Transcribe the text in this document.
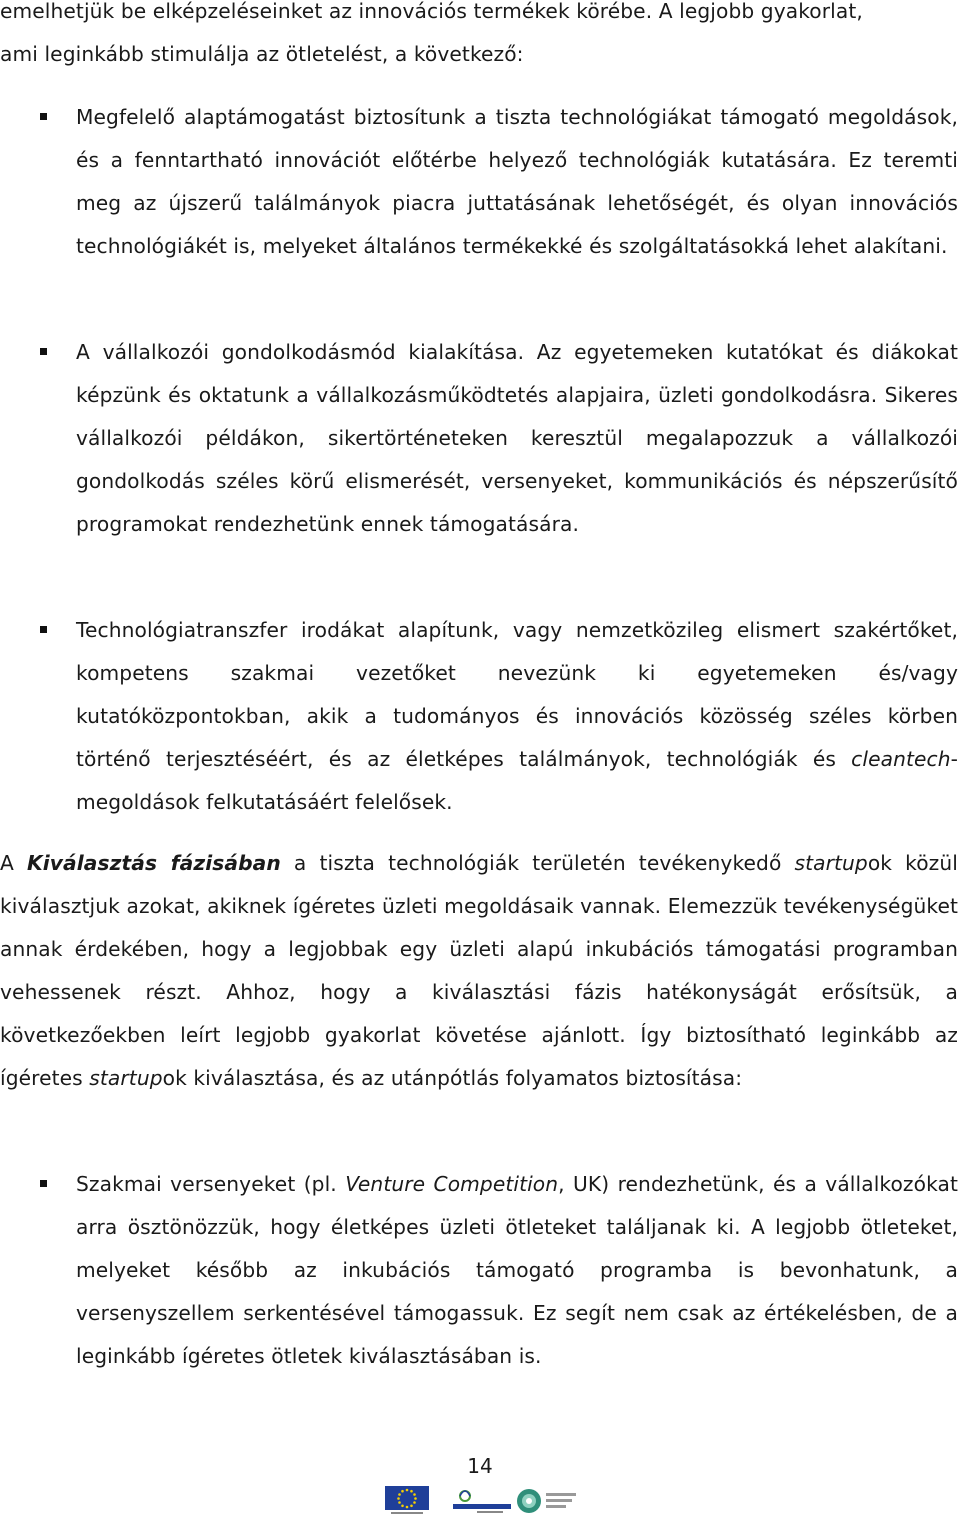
emelhetjük be elképzeléseinket az innovációs termékek körébe. A legjobb gyakorlat,

ami leginkább stimulálja az ötletelést, a következő:

Megfelelő alaptámogatást biztosítunk a tiszta technológiákat támogató megoldások, és a fenntartható innovációt előtérbe helyező technológiák kutatására. Ez teremti meg az újszerű találmányok piacra juttatásának lehetőségét, és olyan innovációs technológiákét is, melyeket általános termékekké és szolgáltatásokká lehet alakítani.

A vállalkozói gondolkodásmód kialakítása. Az egyetemeken kutatókat és diákokat képzünk és oktatunk a vállalkozásműködtetés alapjaira, üzleti gondolkodásra. Sikeres vállalkozói példákon, sikertörténeteken keresztül megalapozzuk a vállalkozói gondolkodás széles körű elismerését, versenyeket, kommunikációs és népszerűsítő programokat rendezhetünk ennek támogatására.

Technológiatranszfer irodákat alapítunk, vagy nemzetközileg elismert szakértőket, kompetens szakmai vezetőket nevezünk ki egyetemeken és/vagy kutatóközpontokban, akik a tudományos és innovációs közösség széles körben történő terjesztéséért, és az életképes találmányok, technológiák és cleantech-megoldások felkutatásáért felelősek.

A Kiválasztás fázisában a tiszta technológiák területén tevékenykedő startupok közül kiválasztjuk azokat, akiknek ígéretes üzleti megoldásaik vannak. Elemezzük tevékenységüket annak érdekében, hogy a legjobbak egy üzleti alapú inkubációs támogatási programban vehessenek részt. Ahhoz, hogy a kiválasztási fázis hatékonyságát erősítsük, a következőekben leírt legjobb gyakorlat követése ajánlott. Így biztosítható leginkább az ígéretes startupok kiválasztása, és az utánpótlás folyamatos biztosítása:

Szakmai versenyeket (pl. Venture Competition, UK) rendezhetünk, és a vállalkozókat arra ösztönözzük, hogy életképes üzleti ötleteket találjanak ki. A legjobb ötleteket, melyeket később az inkubációs támogató programba is bevonhatunk, a versenyszellem serkentésével támogassuk. Ez segít nem csak az értékelésben, de a leginkább ígéretes ötletek kiválasztásában is.

14
